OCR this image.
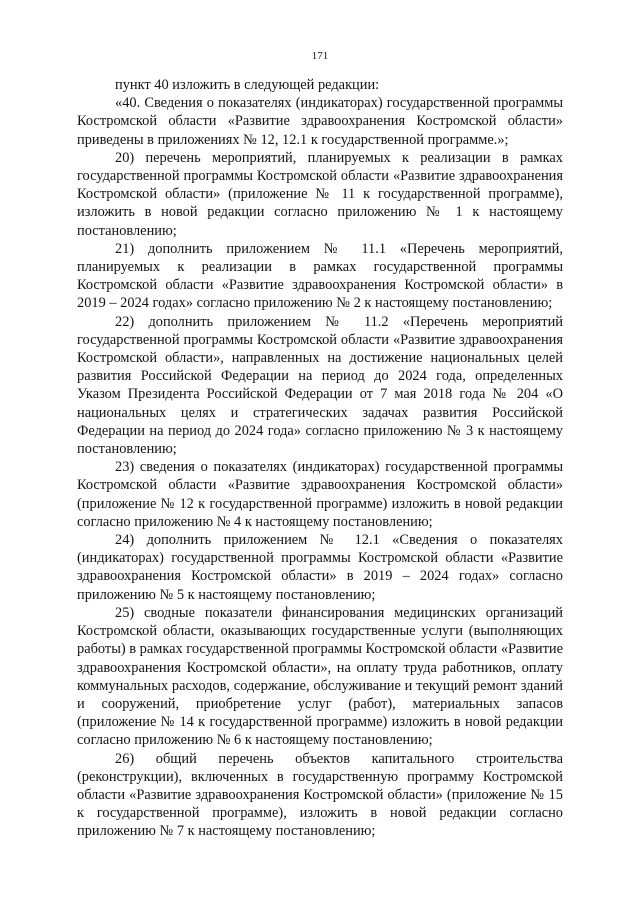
171

пункт 40 изложить в следующей редакции:

«40. Сведения о показателях (индикаторах) государственной программы Костромской области «Развитие здравоохранения Костромской области» приведены в приложениях № 12, 12.1 к государственной программе.»;

20) перечень мероприятий, планируемых к реализации в рамках государственной программы Костромской области «Развитие здравоохранения Костромской области» (приложение № 11 к государственной программе), изложить в новой редакции согласно приложению № 1 к настоящему постановлению;

21) дополнить приложением № 11.1 «Перечень мероприятий, планируемых к реализации в рамках государственной программы Костромской области «Развитие здравоохранения Костромской области» в 2019 – 2024 годах» согласно приложению № 2 к настоящему постановлению;

22) дополнить приложением № 11.2 «Перечень мероприятий государственной программы Костромской области «Развитие здравоохранения Костромской области», направленных на достижение национальных целей развития Российской Федерации на период до 2024 года, определенных Указом Президента Российской Федерации от 7 мая 2018 года № 204 «О национальных целях и стратегических задачах развития Российской Федерации на период до 2024 года» согласно приложению № 3 к настоящему постановлению;

23) сведения о показателях (индикаторах) государственной программы Костромской области «Развитие здравоохранения Костромской области» (приложение № 12 к государственной программе) изложить в новой редакции согласно приложению № 4 к настоящему постановлению;

24) дополнить приложением № 12.1 «Сведения о показателях (индикаторах) государственной программы Костромской области «Развитие здравоохранения Костромской области» в 2019 – 2024 годах» согласно приложению № 5 к настоящему постановлению;

25) сводные показатели финансирования медицинских организаций Костромской области, оказывающих государственные услуги (выполняющих работы) в рамках государственной программы Костромской области «Развитие здравоохранения Костромской области», на оплату труда работников, оплату коммунальных расходов, содержание, обслуживание и текущий ремонт зданий и сооружений, приобретение услуг (работ), материальных запасов (приложение № 14 к государственной программе) изложить в новой редакции согласно приложению № 6 к настоящему постановлению;

26) общий перечень объектов капитального строительства (реконструкции), включенных в государственную программу Костромской области «Развитие здравоохранения Костромской области» (приложение № 15 к государственной программе), изложить в новой редакции согласно приложению № 7 к настоящему постановлению;
